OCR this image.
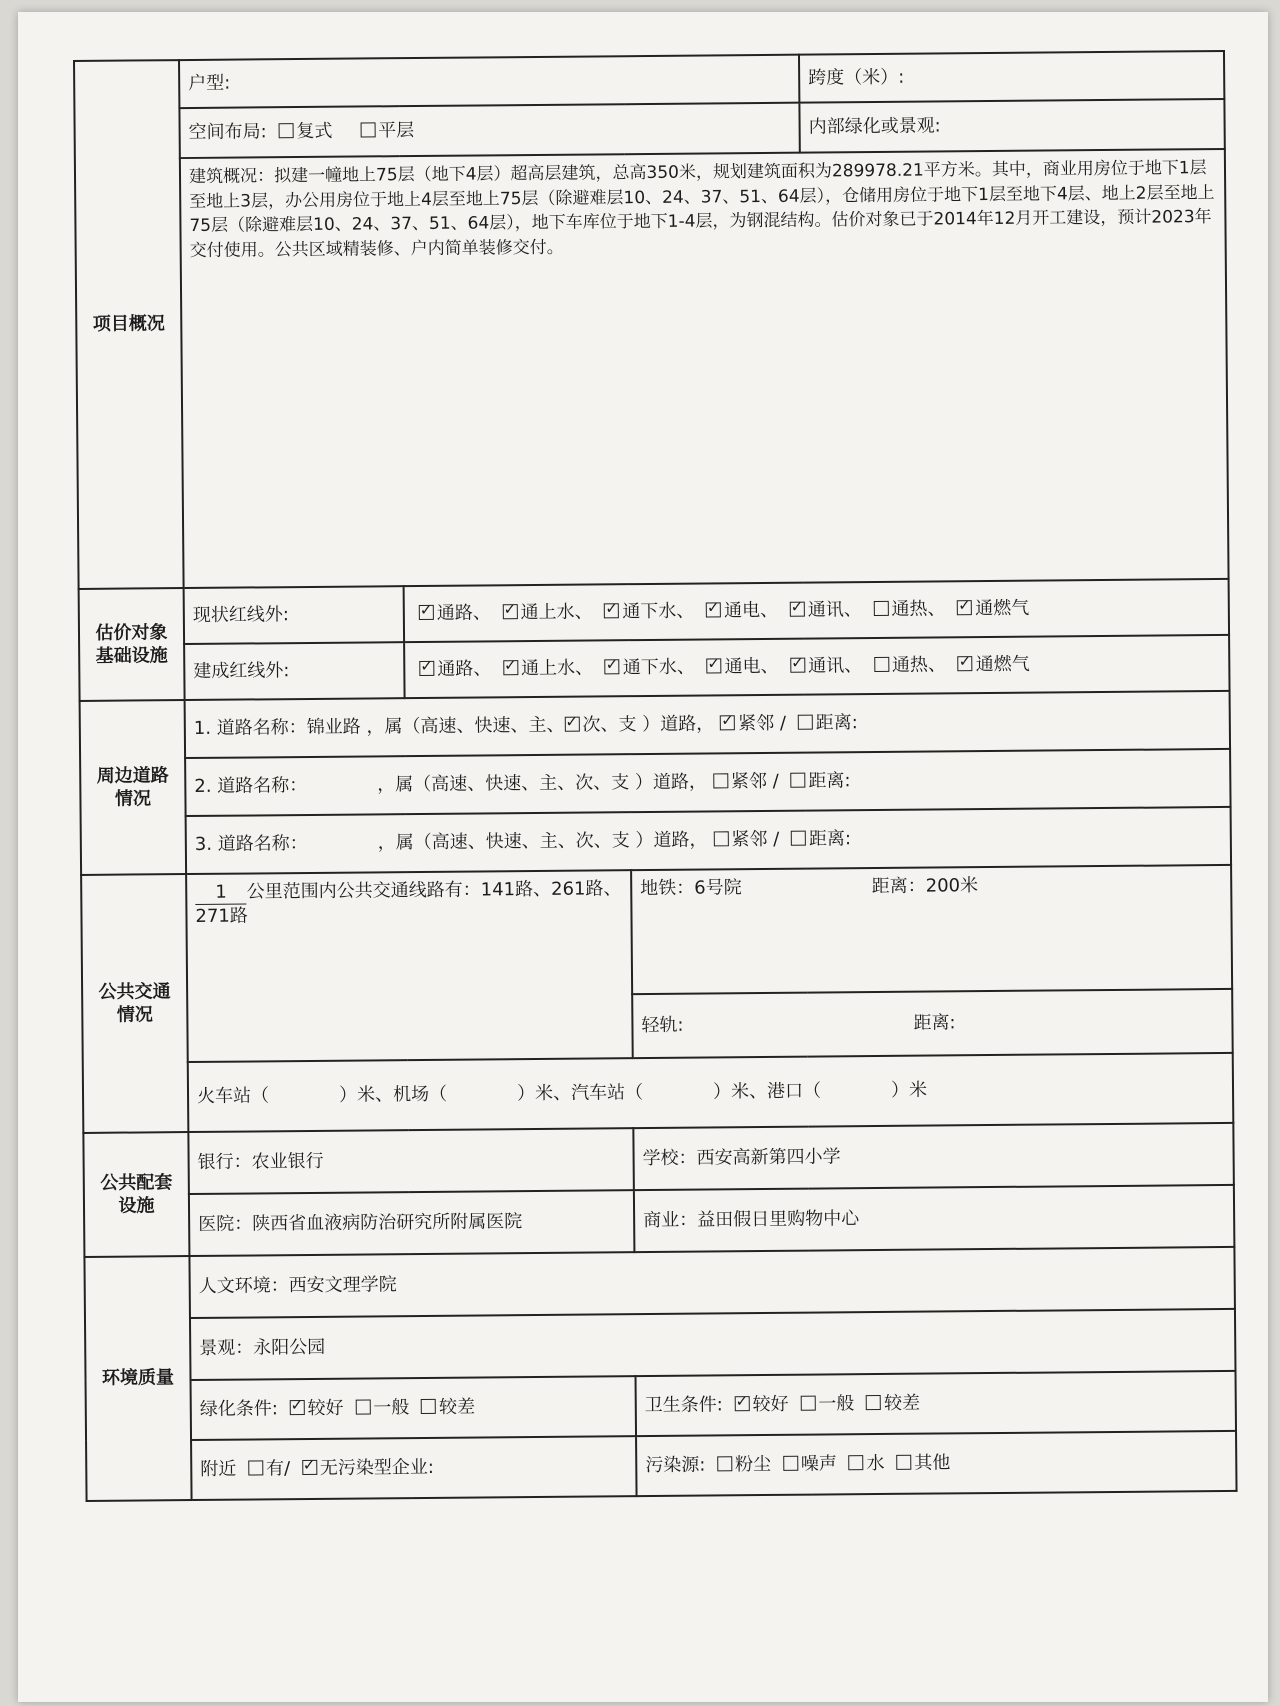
项目概况	户型:			跨度（米）:
	空间布局: 复式 平层			内部绿化或景观:
	建筑概况：拟建一幢地上75层（地下4层）超高层建筑，总高350米，规划建筑面积为289978.21平方米。其中，商业用房位于地下1层至地上3层，办公用房位于地上4层至地上75层（除避难层10、24、37、51、64层），仓储用房位于地下1层至地下4层、地上2层至地上75层（除避难层10、24、37、51、64层），地下车库位于地下1-4层，为钢混结构。估价对象已于2014年12月开工建设，预计2023年交付使用。公共区域精装修、户内简单装修交付。			
估价对象
基础设施	现状红线外:	✓通路、 ✓通上水、 ✓通下水、 ✓通电、 ✓通讯、 通热、 ✓通燃气
	建成红线外:	✓通路、 ✓通上水、 ✓通下水、 ✓通电、 ✓通讯、 通热、 ✓通燃气
周边道路
情况	1. 道路名称：锦业路 ，属（高速、快速、主、 ✓ 次、支 ）道路， ✓ 紧邻 / 距离:
	2. 道路名称： ，属（高速、快速、主、次、支 ）道路， 紧邻 / 距离:			
	3. 道路名称： ，属（高速、快速、主、次、支 ）道路， 紧邻 / 距离:			
公共交通
情况	1 公里范围内公共交通线路有：141路、261路、271路		地铁：6号院 距离：200米	
			轻轨: 距离:	
	火车站（ ）米、机场（ ）米、汽车站（ ）米、港口（ ）米			
公共配套
设施	银行：农业银行		学校：西安高新第四小学	
	医院：陕西省血液病防治研究所附属医院		商业：益田假日里购物中心	
环境质量	人文环境：西安文理学院			
	景观：永阳公园			
	绿化条件: ✓ 较好 一般 较差		卫生条件: ✓ 较好 一般 较差
	附近 有/ ✓ 无污染型企业:		污染源: 粉尘 噪声 水 其他	
